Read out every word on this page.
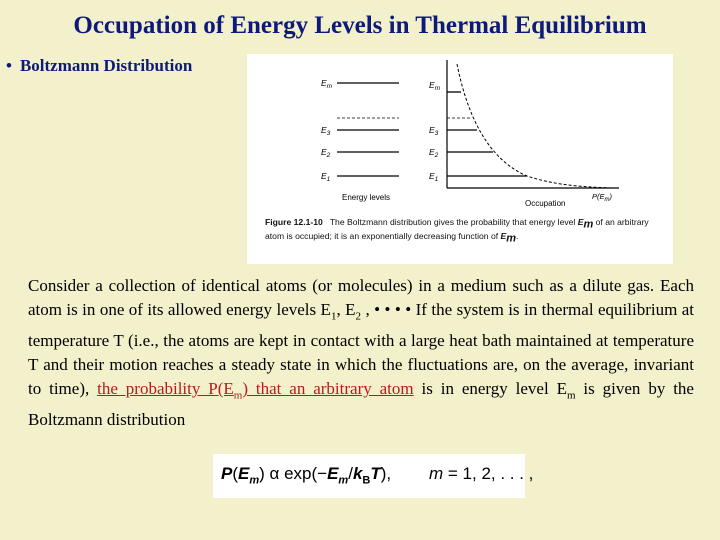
Occupation of Energy Levels in Thermal Equilibrium
• Boltzmann Distribution
$E_m$
$E_3$
$E_2$
$E_1$
$E_m$
$E_3$
$E_2$
$E_1$
$P(E_m)$
Energy levels
Occupation
Figure 12.1-10   The Boltzmann distribution gives the probability that energy level $E_m$ of an arbitrary atom is occupied; it is an exponentially decreasing function of $E_m$.
Consider a collection of identical atoms (or molecules) in a medium such as a dilute gas. Each atom is in one of its allowed energy levels $E_1$, $E_2$ , • • • • If the system is in thermal equilibrium at temperature T (i.e., the atoms are kept in contact with a large heat bath maintained at temperature T and their motion reaches a steady state in which the fluctuations are, on the average, invariant to time), the probability $P(E_m)$ that an arbitrary atom is in energy level $E_m$ is given by the Boltzmann distribution
$P(E_m)$ α $\exp(-E_m/k_BT)$, m = 1, 2, . . . ,
